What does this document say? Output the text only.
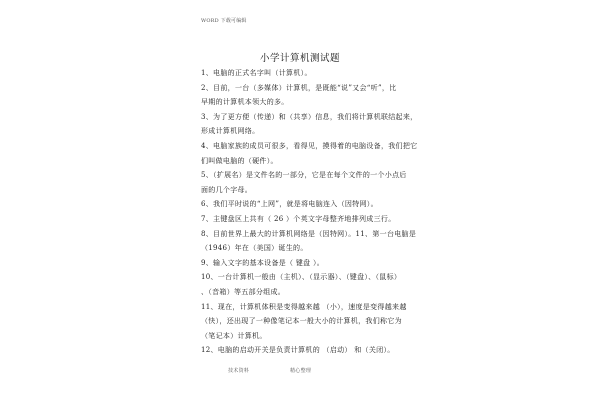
WORD 下载可编辑
小学计算机测试题
1、电脑的正式名字叫（计算机）。
2、目前，一台（多媒体）计算机，是既能“说”又会“听”，比
早期的计算机本领大的多。
3、为了更方便（传递）和（共享）信息，我们将计算机联结起来，
形成计算机网络。
4、电脑家族的成员可很多，看得见，摸得着的电脑设备，我们把它
们叫做电脑的（硬件）。
5、（扩展名）是文件名的一部分，它是在每个文件的一个小点后
面的几个字母。
6、我们平时说的“上网”，就是将电脑连入（因特网）。
7、主键盘区上共有（ 26 ）个英文字母整齐地排列成三行。
8、目前世界上最大的计算机网络是（因特网）。11、第一台电脑是
（1946）年在（美国）诞生的。
9、输入文字的基本设备是（ 键盘 ）。
10、一台计算机一般由（主机）、（显示器）、（键盘）、（鼠标）
、（音箱）等五部分组成。
11、现在，计算机体积是变得越来越 （小），速度是变得越来越
（快），还出现了一种像笔记本一般大小的计算机，我们称它为
（笔记本）计算机。
12、电脑的启动开关是负责计算机的 （启动） 和（关闭）。
技术资料	精心整理
